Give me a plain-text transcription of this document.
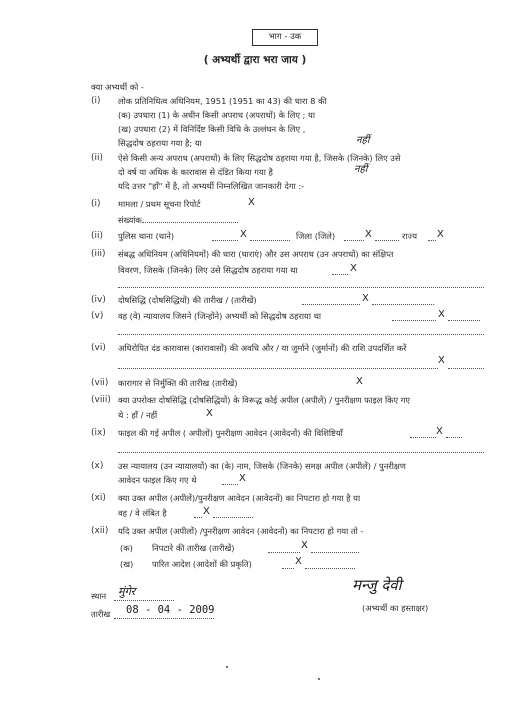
भाग - उक
( अभ्यर्थी द्वारा भरा जाय )
क्या अभ्यर्थी को -
(i) लोक प्रतिनिधित्व अधिनियम, 1951 (1951 का 43) की धारा 8 की
(क) उपधारा (1) के अधीन किसी अपराध (अपराधों) के लिए ; या
(ख) उपधारा (2) में विनिर्दिष्ट किसी विधि के उल्लंघन के लिए ,
सिद्धदोष ठहराया गया है; या	नहीं
(ii) ऐसे किसी अन्य अपराध (अपराधों) के लिए सिद्धदोष ठहराया गया है, जिसके (जिनके) लिए उसे
दो वर्ष या अधिक के कारावास से दंडित किया गया है	नहीं
यदि उत्तर "हाँ" में है, तो अभ्यर्थी निम्नलिखित जानकारी देगा :-
(i) मामला / प्रथम सूचना रिपोर्ट	X
संख्यांक
(ii) पुलिस थाना (थाने)	X	जिला (जिले)	X	राज्य X
(iii) संबद्ध अधिनियम (अधिनियमों) की धारा (धाराएं) और उस अपराध (उन अपराधों) का संक्षिप्त
विवरण, जिसके (जिनके) लिए उसे सिद्धदोष ठहराया गया था	X
(iv) दोषसिद्धि (दोषसिद्धियों) की तारीख / (तारीखें)	X
(v) वह (वे) न्यायालय जिसने (जिन्होंने) अभ्यर्थी को सिद्धदोष ठहराया था	X
(vi) अधिरोपित दंड कारावास (कारावासों) की अवधि और / या जुर्माने (जुर्मानों) की राशि उपदर्शित करें
X
(vii) कारागार से निर्मुक्ति की तारीख (तारीखें)	X
(viii) क्या उपरोक्त दोषसिद्धि (दोषसिद्धियों) के विरूद्ध कोई अपील (अपीलें) / पुनरीक्षण फाइल किए गए
थे : हाँ / नहीं	X
(ix) फाइल की गई अपील ( अपीलों) पुनरीक्षण आवेदन (आवेदनों) की विशिष्टियाँ	X
(x) उस न्यायालय (उन न्यायालयों) का (के) नाम, जिसके (जिनके) समक्ष अपील (अपीलें) / पुनरीक्षण
आवेदन फाइल किए गए थे	X
(xi) क्या उक्त अपील (अपीलें)/पुनरीक्षण आवेदन (आवेदनों) का निपटारा हो गया है या
वह / वे लंबित है	X
(xii) यदि उक्त अपील (अपीलों) /पुनरीक्षण आवेदन (आवेदनों) का निपटारा हो गया तो -
(क) निपटारे की तारीख (तारीखें)	X
(ख) पारित आदेश (आदेशों की प्रकृति)	X
स्थान मुंगेर
तारीख 08 - 04 - 2009
मन्जु देवी
(अभ्यर्थी का हस्ताक्षर)
